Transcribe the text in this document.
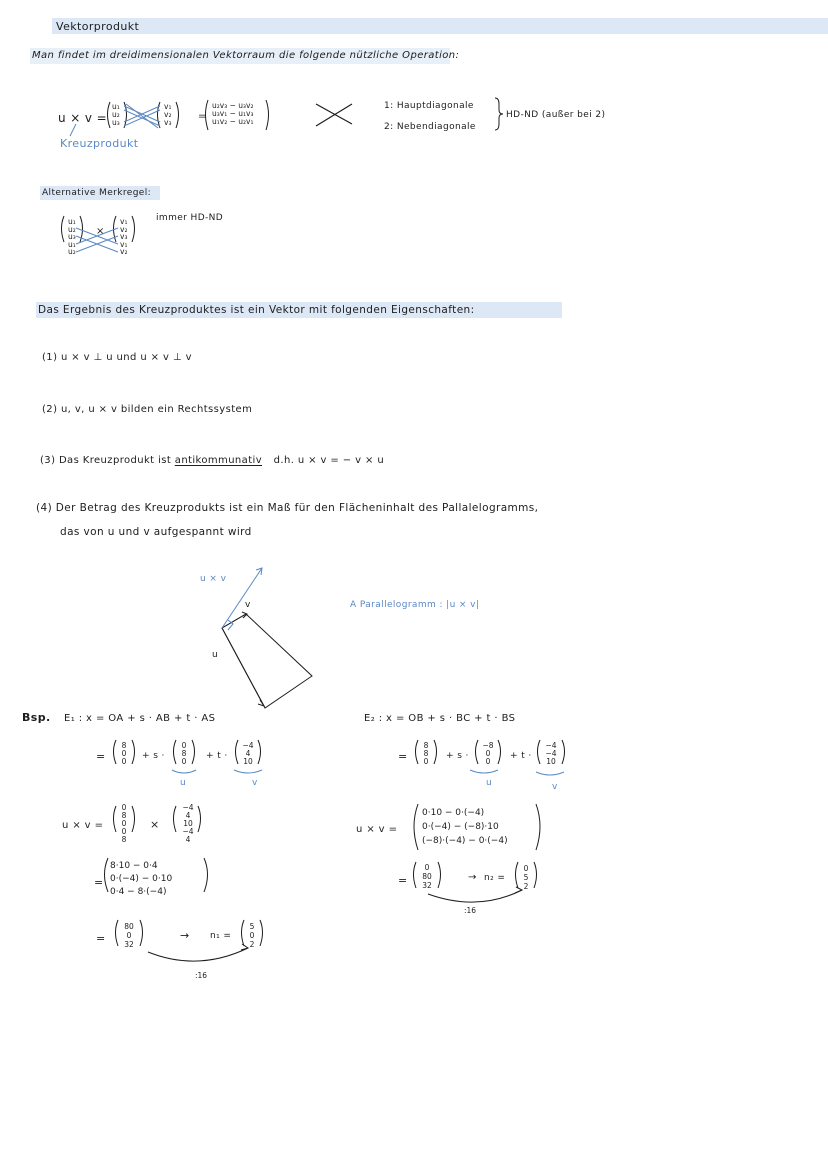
Vektorprodukt
Man findet im dreidimensionalen Vektorraum die folgende nützliche Operation:
u × v =
u₁
u₂
u₃
v₁
v₂
v₃
u₂v₃ − u₃v₂
u₃v₁ − u₁v₃
u₁v₂ − u₂v₁
Kreuzprodukt
1: Hauptdiagonale
2: Nebendiagonale
HD-ND (außer bei 2)
Alternative Merkregel:
immer HD-ND
u₁
u₂
u₃
u₁
u₂
v₁
v₂
v₃
v₁
v₂
Das Ergebnis des Kreuzproduktes ist ein Vektor mit folgenden Eigenschaften:
(1) u × v ⊥ u und u × v ⊥ v
(2) u, v, u × v bilden ein Rechtssystem
(3) Das Kreuzprodukt ist antikommunativ d.h. u × v = − v × u
(4) Der Betrag des Kreuzprodukts ist ein Maß für den Flächeninhalt des Pallalelogramms,
das von u und v aufgespannt wird
u × v
v
u
A Parallelogramm : |u × v|
Bsp. E₁ : x = OA + s · AB + t · AS
=
8
0
0
+ s ·
0
8
0
+ t ·
−4
4
10
u	v
u × v =
0
8
0
0
8
×
−4
4
10
−4
4
=
8·10 − 0·4
0·(−4) − 0·10
0·4 − 8·(−4)
=
80
0
32
→ n₁ =
5
0
2
:16
E₂ : x = OB + s · BC + t · BS
=
8
8
0
+ s ·
−8
0
0
+ t ·
−4
−4
10
u	v
u × v =
0·10 − 0·(−4)
0·(−4) − (−8)·10
(−8)·(−4) − 0·(−4)
=
0
80
32
→ n₂ =
0
5
2
:16
=
×
